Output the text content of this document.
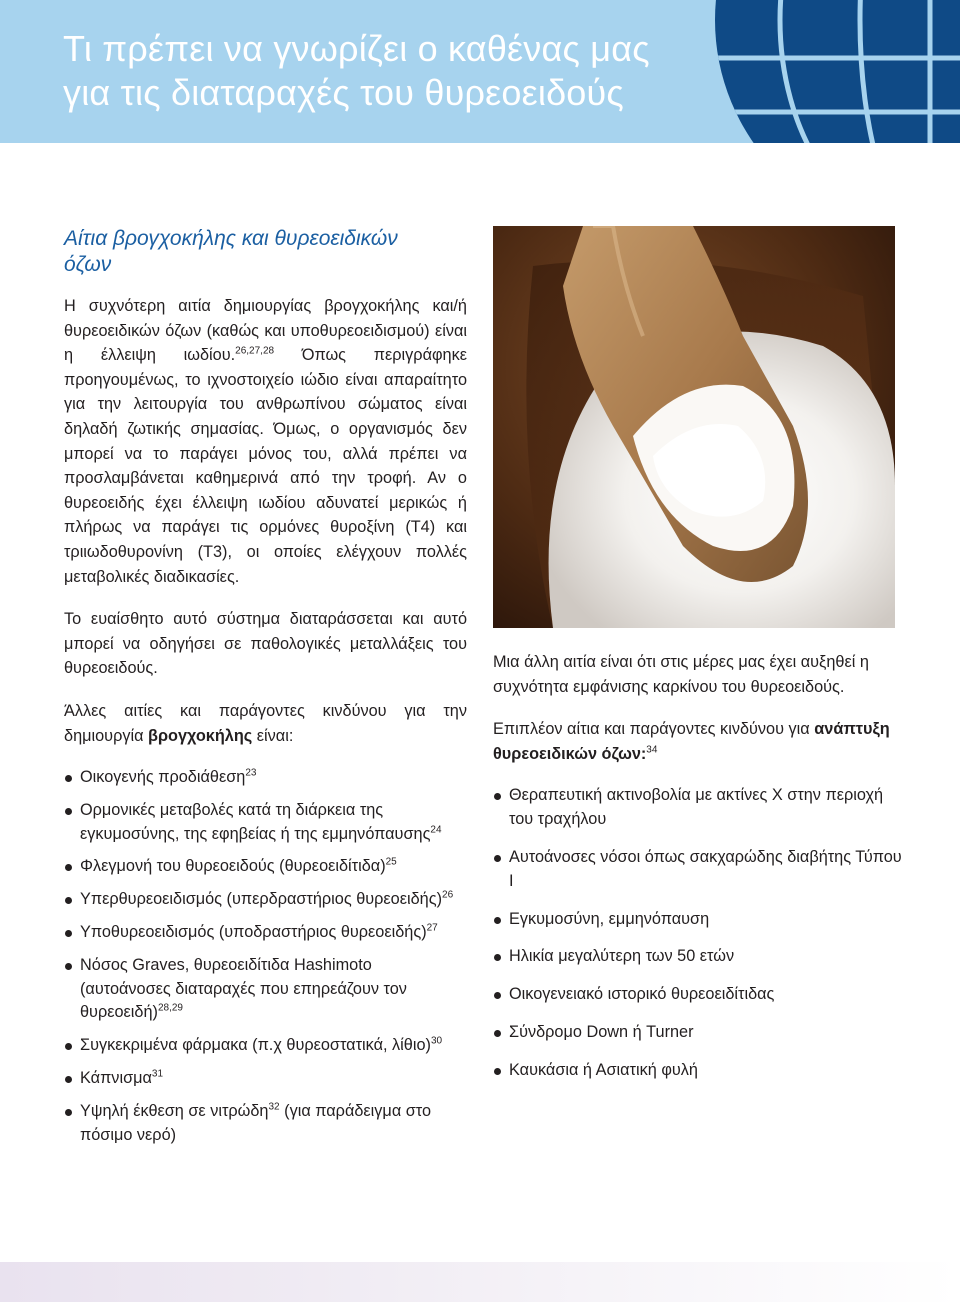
Τι πρέπει να γνωρίζει ο καθένας μας
για τις διαταραχές του θυρεοειδούς
Αίτια βρογχοκήλης και θυρεοειδικών
όζων

Η συχνότερη αιτία δημιουργίας βρογχοκήλης και/ή θυρεοειδικών όζων (καθώς και υποθυρεοειδισμού) είναι η έλλειψη ιωδίου.$^{26,27,28}$ Όπως περιγράφηκε προηγουμένως, το ιχνοστοιχείο ιώδιο είναι απαραίτητο για την λειτουργία του ανθρωπίνου σώματος είναι δηλαδή ζωτικής σημασίας. Όμως, ο οργανισμός δεν μπορεί να το παράγει μόνος του, αλλά πρέπει να προσλαμβάνεται καθημερινά από την τροφή. Αν ο θυρεοειδής έχει έλλειψη ιωδίου αδυνατεί μερικώς ή πλήρως να παράγει τις ορμόνες θυροξίνη (Τ4) και τριιωδοθυρονίνη (Τ3), οι οποίες ελέγχουν πολλές μεταβολικές διαδικασίες.

Το ευαίσθητο αυτό σύστημα διαταράσσεται και αυτό μπορεί να οδηγήσει σε παθολογικές μεταλλάξεις του θυρεοειδούς.

Άλλες αιτίες και παράγοντες κινδύνου για την δημιουργία βρογχοκήλης είναι:

Οικογενής προδιάθεση$^{23}$
Ορμονικές μεταβολές κατά τη διάρκεια της εγκυμοσύνης, της εφηβείας ή της εμμηνόπαυσης$^{24}$
Φλεγμονή του θυρεοειδούς $(\theta\upsilon\rho\varepsilon o\varepsilon\iota\delta ί\tau\iota\delta\alpha)^{25}$
Υπερθυρεοειδισμός (υπερδραστήριος θυρεοειδής)$^{26}$
Υποθυρεοειδισμός (υποδραστήριος θυρεοειδής)$^{27}$
Νόσος Graves, θυρεοειδίτιδα Hashimoto (αυτοάνοσες διαταραχές που επηρεάζουν τον θυρεοειδή)$^{28,29}$
Συγκεκριμένα φάρμακα (π.χ θυρεοστατικά, λίθιο)$^{30}$
Κάπνισμα$^{31}$
Υψηλή έκθεση σε νιτρώδη$^{32}$ (για παράδειγμα στο πόσιμο νερό)

Μια άλλη αιτία είναι ότι στις μέρες μας έχει αυξηθεί η συχνότητα εμφάνισης καρκίνου του θυρεοειδούς.

Επιπλέον αίτια και παράγοντες κινδύνου για ανάπτυξη θυρεοειδικών όζων:$^{34}$

Θεραπευτική ακτινοβολία με ακτίνες Χ στην περιοχή του τραχήλου
Αυτοάνοσες νόσοι όπως σακχαρώδης διαβήτης Τύπου Ι
Εγκυμοσύνη, εμμηνόπαυση
Ηλικία μεγαλύτερη των 50 ετών
Οικογενειακό ιστορικό θυρεοειδίτιδας
Σύνδρομο Down ή Turner
Καυκάσια ή Ασιατική φυλή
